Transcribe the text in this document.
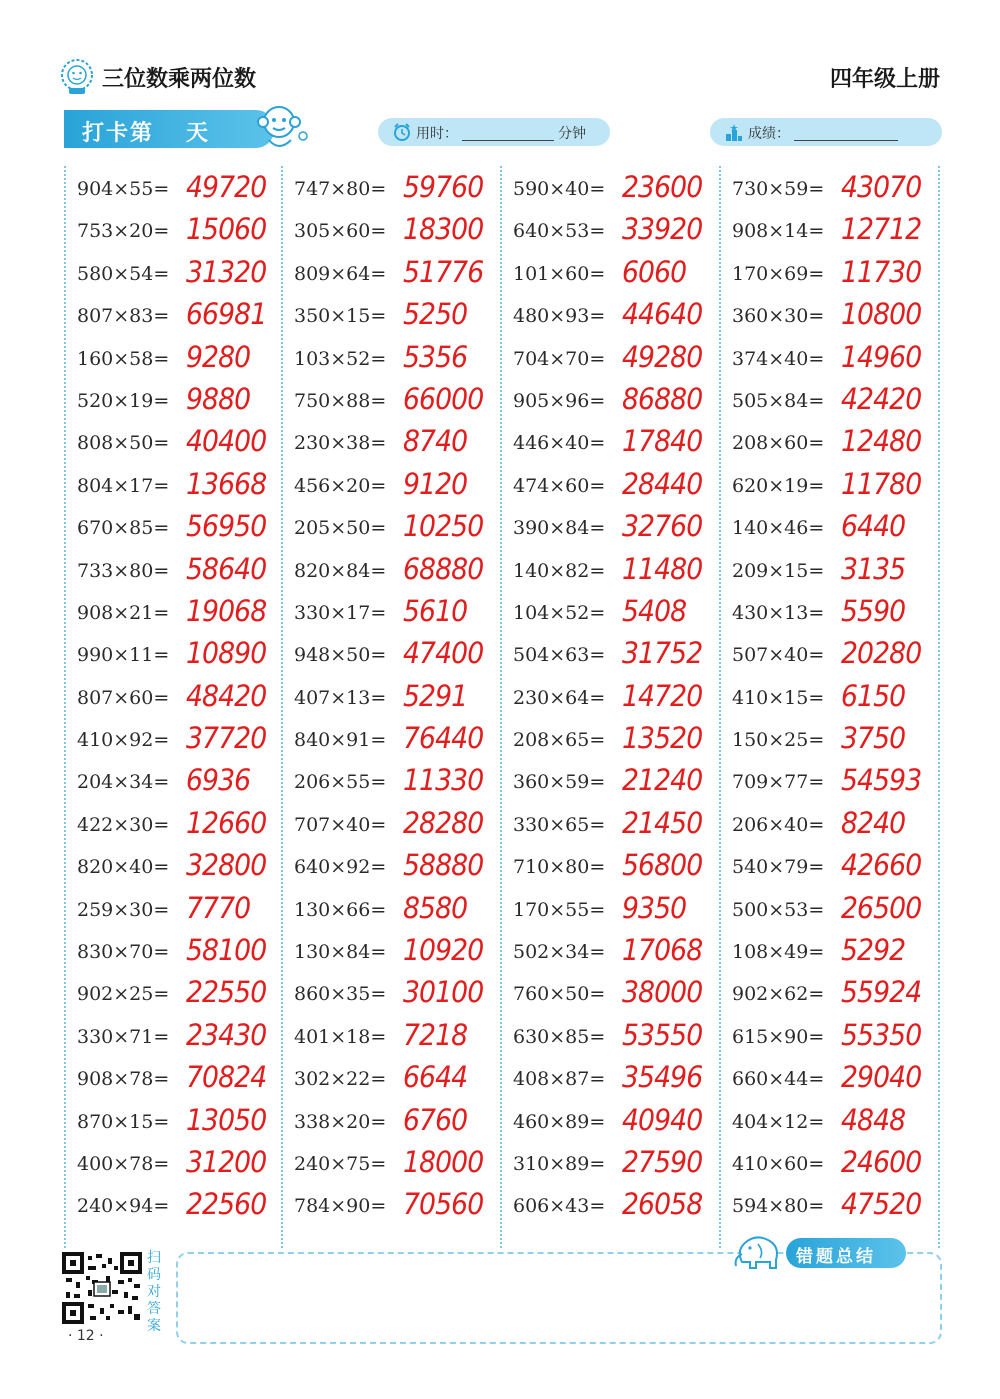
三位数乘两位数	四年级上册
打卡第 天	用时：	分钟	成绩：
904×55= 49720
753×20= 15060
580×54= 31320
807×83= 66981
160×58= 9280
520×19= 9880
808×50= 40400
804×17= 13668
670×85= 56950
733×80= 58640
908×21= 19068
990×11= 10890
807×60= 48420
410×92= 37720
204×34= 6936
422×30= 12660
820×40= 32800
259×30= 7770
830×70= 58100
902×25= 22550
330×71= 23430
908×78= 70824
870×15= 13050
400×78= 31200
240×94= 22560
747×80= 59760
305×60= 18300
809×64= 51776
350×15= 5250
103×52= 5356
750×88= 66000
230×38= 8740
456×20= 9120
205×50= 10250
820×84= 68880
330×17= 5610
948×50= 47400
407×13= 5291
840×91= 76440
206×55= 11330
707×40= 28280
640×92= 58880
130×66= 8580
130×84= 10920
860×35= 30100
401×18= 7218
302×22= 6644
338×20= 6760
240×75= 18000
784×90= 70560
590×40= 23600
640×53= 33920
101×60= 6060
480×93= 44640
704×70= 49280
905×96= 86880
446×40= 17840
474×60= 28440
390×84= 32760
140×82= 11480
104×52= 5408
504×63= 31752
230×64= 14720
208×65= 13520
360×59= 21240
330×65= 21450
710×80= 56800
170×55= 9350
502×34= 17068
760×50= 38000
630×85= 53550
408×87= 35496
460×89= 40940
310×89= 27590
606×43= 26058
730×59= 43070
908×14= 12712
170×69= 11730
360×30= 10800
374×40= 14960
505×84= 42420
208×60= 12480
620×19= 11780
140×46= 6440
209×15= 3135
430×13= 5590
507×40= 20280
410×15= 6150
150×25= 3750
709×77= 54593
206×40= 8240
540×79= 42660
500×53= 26500
108×49= 5292
902×62= 55924
615×90= 55350
660×44= 29040
404×12= 4848
410×60= 24600
594×80= 47520
扫码对答案
· 12 ·
错题总结
